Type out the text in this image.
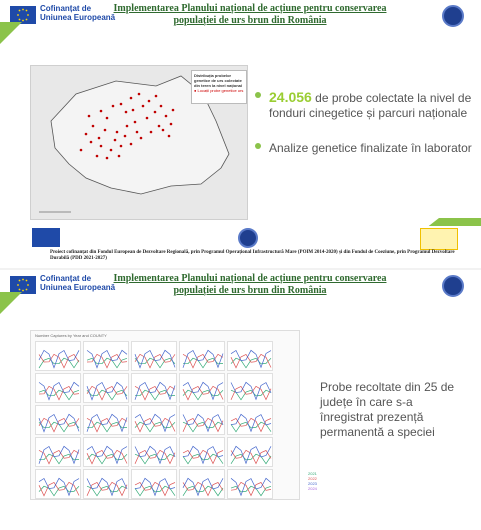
Cofinanțat de
Uniunea Europeană
Implementarea Planului național de acțiune pentru conservarea
populației de urs brun din România
Distribuția probelor genetice de urs colectate din teren la nivel național
● Locații probe genetice urs	24.056 de probe colectate la nivel de fonduri cinegetice și parcuri naționale
Analize genetice finalizate în laborator
Proiect cofinanțat din Fondul European de Dezvoltare Regională, prin Programul Operațional Infrastructură Mare (POIM 2014-2020) și din Fondul de Coeziune, prin Programul Dezvoltare Durabilă (PDD 2021-2027)
Cofinanțat de
Uniunea Europeană
Implementarea Planului național de acțiune pentru conservarea
populației de urs brun din România
Number Captures by Year and COUNTY
2021
2022
2023
2024
Probe recoltate din 25 de județe în care s-a înregistrat prezență permanentă a speciei
